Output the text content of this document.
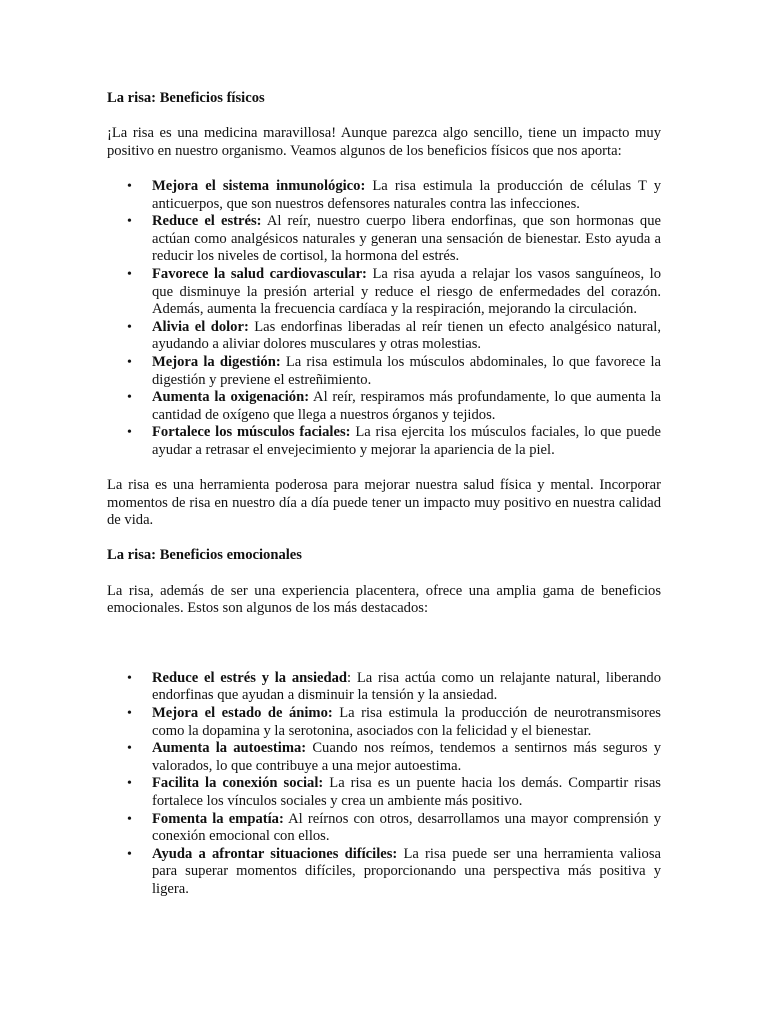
La risa: Beneficios físicos

¡La risa es una medicina maravillosa! Aunque parezca algo sencillo, tiene un impacto muy positivo en nuestro organismo. Veamos algunos de los beneficios físicos que nos aporta:

• Mejora el sistema inmunológico: La risa estimula la producción de células T y anticuerpos, que son nuestros defensores naturales contra las infecciones.
• Reduce el estrés: Al reír, nuestro cuerpo libera endorfinas, que son hormonas que actúan como analgésicos naturales y generan una sensación de bienestar. Esto ayuda a reducir los niveles de cortisol, la hormona del estrés.
• Favorece la salud cardiovascular: La risa ayuda a relajar los vasos sanguíneos, lo que disminuye la presión arterial y reduce el riesgo de enfermedades del corazón. Además, aumenta la frecuencia cardíaca y la respiración, mejorando la circulación.
• Alivia el dolor: Las endorfinas liberadas al reír tienen un efecto analgésico natural, ayudando a aliviar dolores musculares y otras molestias.
• Mejora la digestión: La risa estimula los músculos abdominales, lo que favorece la digestión y previene el estreñimiento.
• Aumenta la oxigenación: Al reír, respiramos más profundamente, lo que aumenta la cantidad de oxígeno que llega a nuestros órganos y tejidos.
• Fortalece los músculos faciales: La risa ejercita los músculos faciales, lo que puede ayudar a retrasar el envejecimiento y mejorar la apariencia de la piel.

La risa es una herramienta poderosa para mejorar nuestra salud física y mental. Incorporar momentos de risa en nuestro día a día puede tener un impacto muy positivo en nuestra calidad de vida.

La risa: Beneficios emocionales

La risa, además de ser una experiencia placentera, ofrece una amplia gama de beneficios emocionales. Estos son algunos de los más destacados:

• Reduce el estrés y la ansiedad: La risa actúa como un relajante natural, liberando endorfinas que ayudan a disminuir la tensión y la ansiedad.
• Mejora el estado de ánimo: La risa estimula la producción de neurotransmisores como la dopamina y la serotonina, asociados con la felicidad y el bienestar.
• Aumenta la autoestima: Cuando nos reímos, tendemos a sentirnos más seguros y valorados, lo que contribuye a una mejor autoestima.
• Facilita la conexión social: La risa es un puente hacia los demás. Compartir risas fortalece los vínculos sociales y crea un ambiente más positivo.
• Fomenta la empatía: Al reírnos con otros, desarrollamos una mayor comprensión y conexión emocional con ellos.
• Ayuda a afrontar situaciones difíciles: La risa puede ser una herramienta valiosa para superar momentos difíciles, proporcionando una perspectiva más positiva y ligera.
